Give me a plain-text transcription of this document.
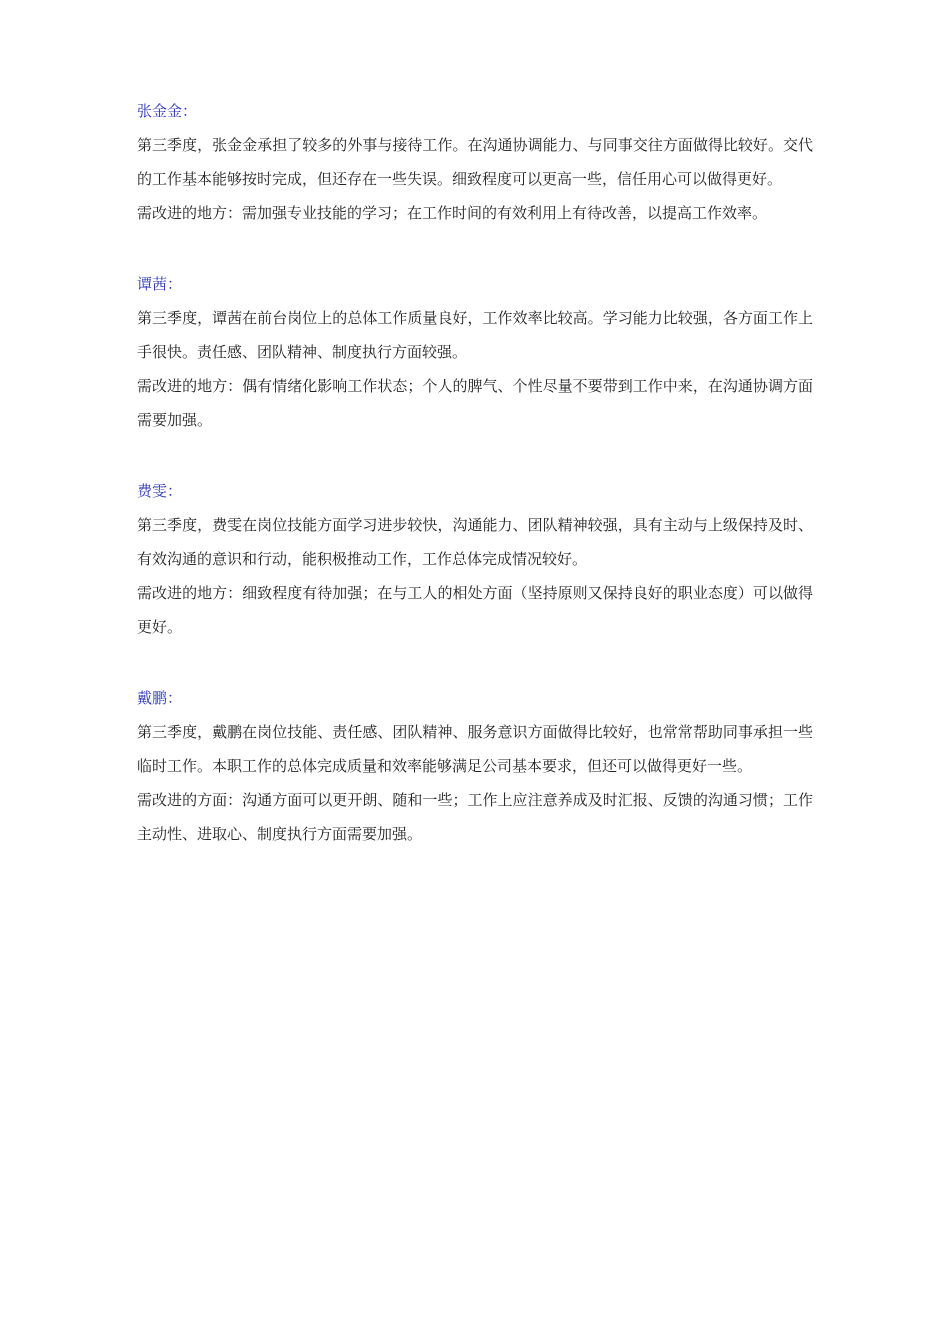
张金金：

第三季度，张金金承担了较多的外事与接待工作。在沟通协调能力、与同事交往方面做得比较好。交代的工作基本能够按时完成，但还存在一些失误。细致程度可以更高一些，信任用心可以做得更好。

需改进的地方：需加强专业技能的学习；在工作时间的有效利用上有待改善，以提高工作效率。

谭茜：

第三季度，谭茜在前台岗位上的总体工作质量良好，工作效率比较高。学习能力比较强，各方面工作上手很快。责任感、团队精神、制度执行方面较强。

需改进的地方：偶有情绪化影响工作状态；个人的脾气、个性尽量不要带到工作中来，在沟通协调方面需要加强。

费雯：

第三季度，费雯在岗位技能方面学习进步较快，沟通能力、团队精神较强，具有主动与上级保持及时、有效沟通的意识和行动，能积极推动工作，工作总体完成情况较好。

需改进的地方：细致程度有待加强；在与工人的相处方面（坚持原则又保持良好的职业态度）可以做得更好。

戴鹏：

第三季度，戴鹏在岗位技能、责任感、团队精神、服务意识方面做得比较好，也常常帮助同事承担一些临时工作。本职工作的总体完成质量和效率能够满足公司基本要求，但还可以做得更好一些。

需改进的方面：沟通方面可以更开朗、随和一些；工作上应注意养成及时汇报、反馈的沟通习惯；工作主动性、进取心、制度执行方面需要加强。
